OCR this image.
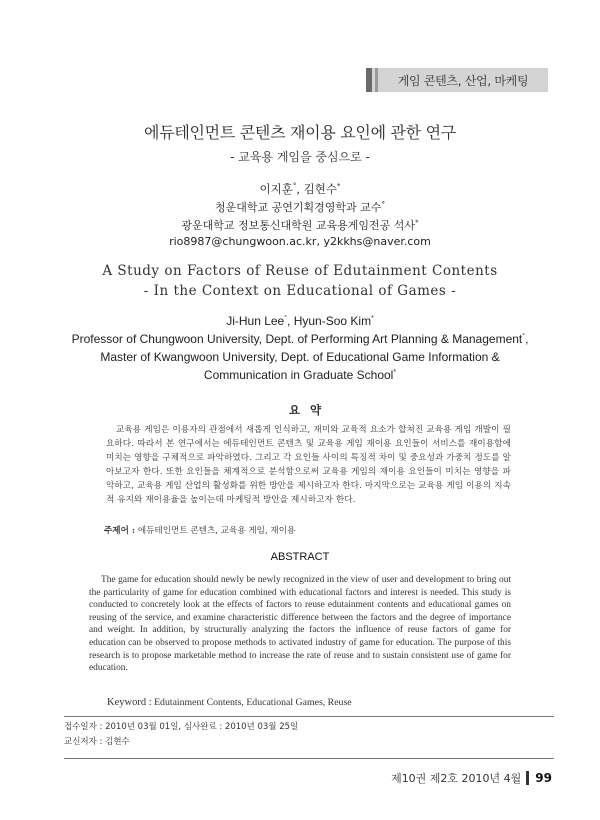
게임 콘텐츠, 산업, 마케팅
에듀테인먼트 콘텐츠 재이용 요인에 관한 연구
- 교육용 게임을 중심으로 -
이지훈°, 김현수*
청운대학교 공연기획경영학과 교수°
광운대학교 정보통신대학원 교육용게임전공 석사*
rio8987@chungwoon.ac.kr, y2kkhs@naver.com
A Study on Factors of Reuse of Edutainment Contents
- In the Context on Educational of Games -
Ji-Hun Lee°, Hyun-Soo Kim*
Professor of Chungwoon University, Dept. of Performing Art Planning & Management°,
Master of Kwangwoon University, Dept. of Educational Game Information &
Communication in Graduate School*
요약
교육용 게임은 이용자의 관점에서 새롭게 인식하고, 재미와 교육적 요소가 합쳐진 교육용 게임 개발이 필요하다. 따라서 본 연구에서는 에듀테인먼트 콘텐츠 및 교육용 게임 재이용 요인들이 서비스를 재이용함에 미치는 영향을 구체적으로 파악하였다. 그리고 각 요인들 사이의 특징적 차이 및 중요성과 가중치 정도를 알아보고자 한다. 또한 요인들을 체계적으로 분석함으로써 교육용 게임의 재이용 요인들이 미치는 영향을 파악하고, 교육용 게임 산업의 활성화를 위한 방안을 제시하고자 한다. 마지막으로는 교육용 게임 이용의 지속적 유지와 재이용율을 높이는데 마케팅적 방안을 제시하고자 한다.
주제어 : 에듀테인먼트 콘텐츠, 교육용 게임, 재이용
ABSTRACT
The game for education should newly be newly recognized in the view of user and development to bring out the particularity of game for education combined with educational factors and interest is needed. This study is conducted to concretely look at the effects of factors to reuse edutainment contents and educational games on reusing of the service, and examine characteristic difference between the factors and the degree of importance and weight. In addition, by structurally analyzing the factors the influence of reuse factors of game for education can be observed to propose methods to activated industry of game for education. The purpose of this research is to propose marketable method to increase the rate of reuse and to sustain consistent use of game for education.
Keyword : Edutainment Contents, Educational Games, Reuse
접수일자 : 2010년 03월 01일, 심사완료 : 2010년 03월 25일
교신저자 : 김현수
제10권 제2호 2010년 4월 99
